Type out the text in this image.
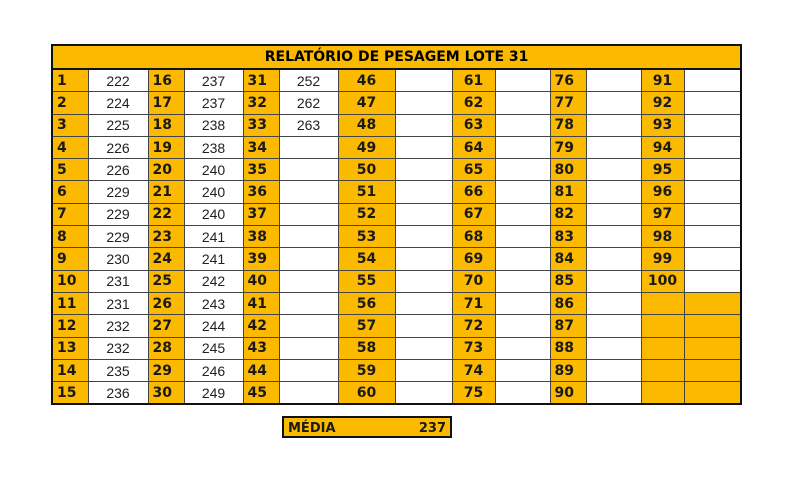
RELATÓRIO DE PESAGEM LOTE 31													
1	222	16	237	31	252	46		61		76		91	
2	224	17	237	32	262	47		62		77		92	
3	225	18	238	33	263	48		63		78		93	
4	226	19	238	34		49		64		79		94	
5	226	20	240	35		50		65		80		95	
6	229	21	240	36		51		66		81		96	
7	229	22	240	37		52		67		82		97	
8	229	23	241	38		53		68		83		98	
9	230	24	241	39		54		69		84		99	
10	231	25	242	40		55		70		85		100	
11	231	26	243	41		56		71		86			
12	232	27	244	42		57		72		87			
13	232	28	245	43		58		73		88			
14	235	29	246	44		59		74		89			
15	236	30	249	45		60		75		90			
MÉDIA	237
